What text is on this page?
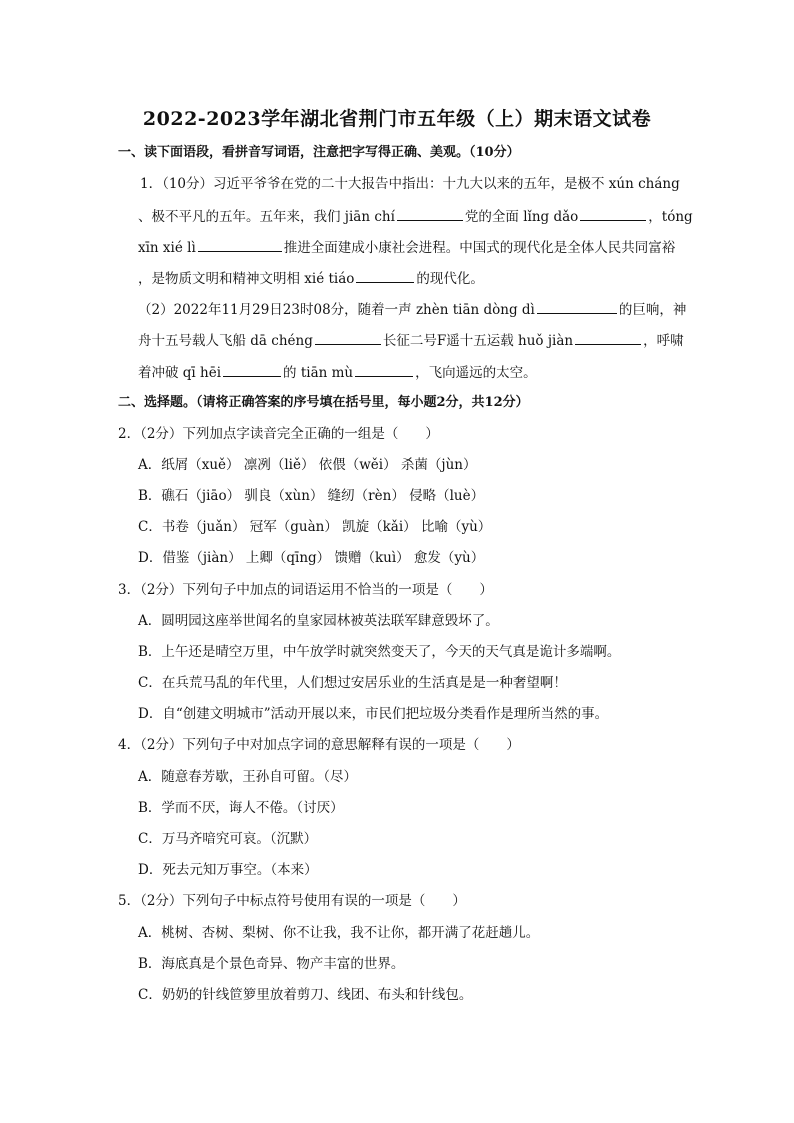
2022-2023学年湖北省荆门市五年级（上）期末语文试卷
一、读下面语段，看拼音写词语，注意把字写得正确、美观。（10分）
1．（10分）习近平爷爷在党的二十大报告中指出：十九大以来的五年，是极不 xún cháng
、极不平凡的五年。五年来，我们 jiān chí	党的全面 lǐng dǎo	，tóng
xīn xié lì	推进全面建成小康社会进程。中国式的现代化是全体人民共同富裕
，是物质文明和精神文明相 xié tiáo	的现代化。
（2）2022年11月29日23时08分，随着一声 zhèn tiān dòng dì	的巨响，神
舟十五号载人飞船 dā chéng	长征二号F遥十五运载 huǒ jiàn	，呼啸
着冲破 qī hēi	的 tiān mù	，飞向遥远的太空。
二、选择题。（请将正确答案的序号填在括号里，每小题2分，共12分）
2．（2分）下列加点字读音完全正确的一组是（　　）
A．纸屑（xuě） 凛冽（liě） 依偎（wěi） 杀菌（jùn）
B．礁石（jiāo） 驯良（xùn） 缝纫（rèn） 侵略（luè）
C．书卷（juǎn） 冠军（guàn） 凯旋（kǎi） 比喻（yù）
D．借鉴（jiàn） 上卿（qīng） 馈赠（kuì） 愈发（yù）
3．（2分）下列句子中加点的词语运用不恰当的一项是（　　）
A．圆明园这座举世闻名的皇家园林被英法联军肆意毁坏了。
B．上午还是晴空万里，中午放学时就突然变天了，今天的天气真是诡计多端啊。
C．在兵荒马乱的年代里，人们想过安居乐业的生活真是是一种奢望啊！
D．自“创建文明城市”活动开展以来，市民们把垃圾分类看作是理所当然的事。
4．（2分）下列句子中对加点字词的意思解释有误的一项是（　　）
A．随意春芳歇，王孙自可留。（尽）
B．学而不厌，诲人不倦。（讨厌）
C．万马齐喑究可哀。（沉默）
D．死去元知万事空。（本来）
5．（2分）下列句子中标点符号使用有误的一项是（　　）
A．桃树、杏树、梨树、你不让我，我不让你，都开满了花赶趟儿。
B．海底真是个景色奇异、物产丰富的世界。
C．奶奶的针线笸箩里放着剪刀、线团、布头和针线包。
